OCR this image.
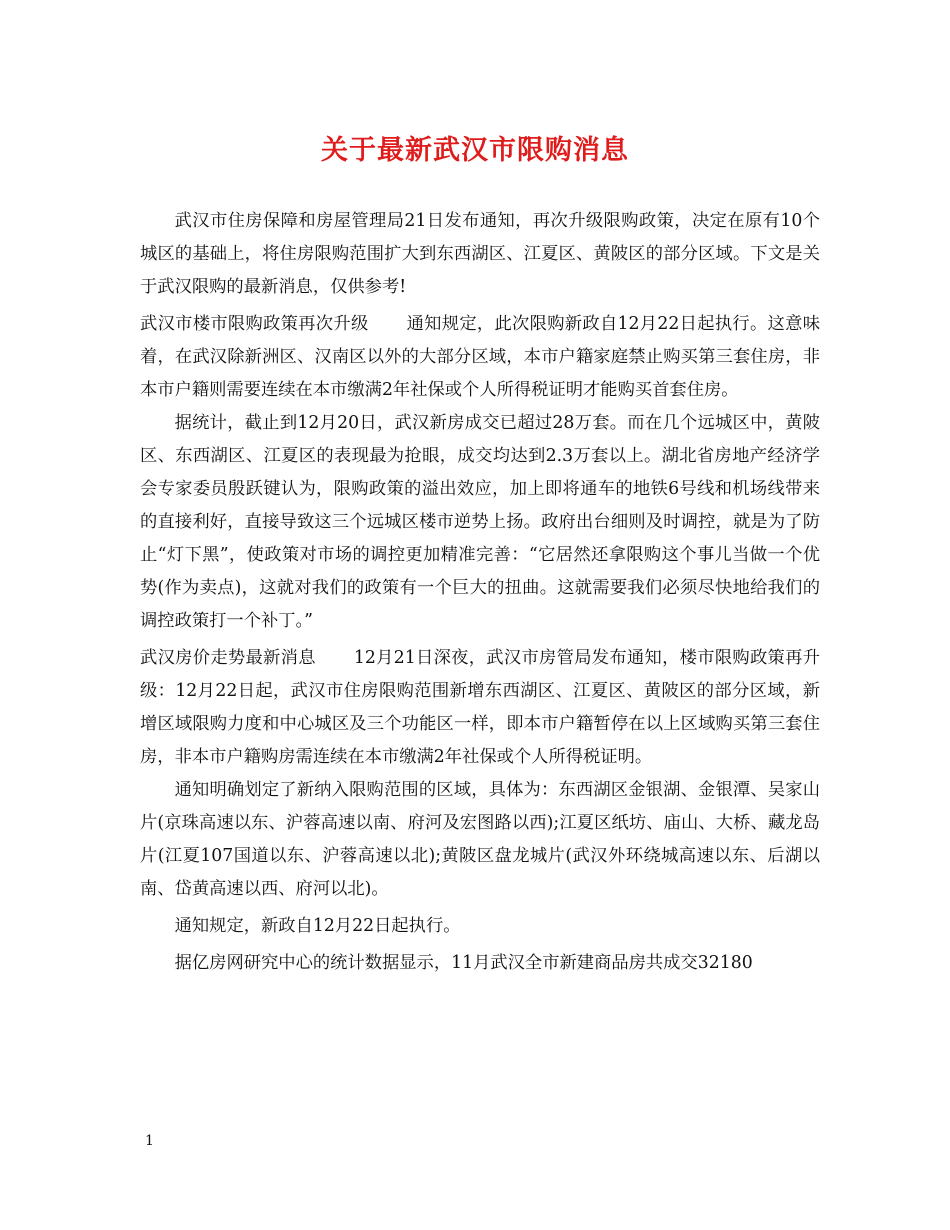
关于最新武汉市限购消息

武汉市住房保障和房屋管理局21日发布通知，再次升级限购政策，决定在原有10个城区的基础上，将住房限购范围扩大到东西湖区、江夏区、黄陂区的部分区域。下文是关于武汉限购的最新消息，仅供参考!

武汉市楼市限购政策再次升级 通知规定，此次限购新政自12月22日起执行。这意味着，在武汉除新洲区、汉南区以外的大部分区域，本市户籍家庭禁止购买第三套住房，非本市户籍则需要连续在本市缴满2年社保或个人所得税证明才能购买首套住房。

据统计，截止到12月20日，武汉新房成交已超过28万套。而在几个远城区中，黄陂区、东西湖区、江夏区的表现最为抢眼，成交均达到2.3万套以上。湖北省房地产经济学会专家委员殷跃键认为，限购政策的溢出效应，加上即将通车的地铁6号线和机场线带来的直接利好，直接导致这三个远城区楼市逆势上扬。政府出台细则及时调控，就是为了防止“灯下黑”，使政策对市场的调控更加精准完善：“它居然还拿限购这个事儿当做一个优势(作为卖点)，这就对我们的政策有一个巨大的扭曲。这就需要我们必须尽快地给我们的调控政策打一个补丁。”

武汉房价走势最新消息 12月21日深夜，武汉市房管局发布通知，楼市限购政策再升级：12月22日起，武汉市住房限购范围新增东西湖区、江夏区、黄陂区的部分区域，新增区域限购力度和中心城区及三个功能区一样，即本市户籍暂停在以上区域购买第三套住房，非本市户籍购房需连续在本市缴满2年社保或个人所得税证明。

通知明确划定了新纳入限购范围的区域，具体为：东西湖区金银湖、金银潭、吴家山片(京珠高速以东、沪蓉高速以南、府河及宏图路以西);江夏区纸坊、庙山、大桥、藏龙岛片(江夏107国道以东、沪蓉高速以北);黄陂区盘龙城片(武汉外环绕城高速以东、后湖以南、岱黄高速以西、府河以北)。

通知规定，新政自12月22日起执行。

据亿房网研究中心的统计数据显示，11月武汉全市新建商品房共成交32180

1
